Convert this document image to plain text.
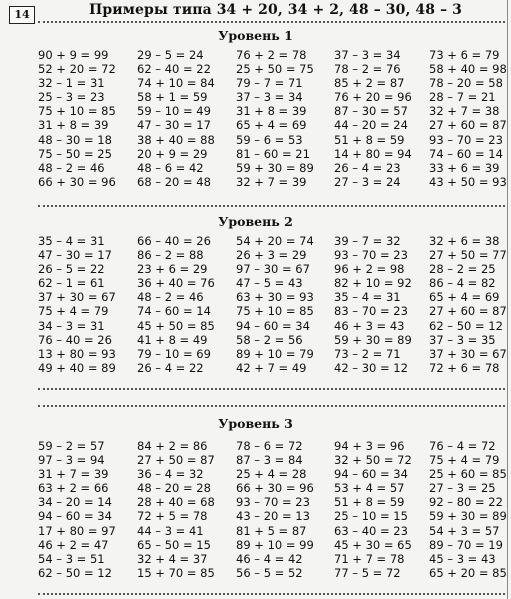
14	Примеры типа 34 + 20, 34 + 2, 48 – 30, 48 – 3
Уровень 1
90 + 9 = 99	29 – 5 = 24	76 + 2 = 78	37 – 3 = 34	73 + 6 = 79
52 + 20 = 72	62 – 40 = 22	25 + 50 = 75	78 – 2 = 76	58 + 40 = 98
32 – 1 = 31	74 + 10 = 84	79 – 7 = 71	85 + 2 = 87	78 – 20 = 58
25 – 3 = 23	58 + 1 = 59	37 – 3 = 34	76 + 20 = 96	28 – 7 = 21
75 + 10 = 85	59 – 10 = 49	31 + 8 = 39	87 – 30 = 57	32 + 7 = 38
31 + 8 = 39	47 – 30 = 17	65 + 4 = 69	44 – 20 = 24	27 + 60 = 87
48 – 30 = 18	38 + 40 = 88	59 – 6 = 53	51 + 8 = 59	93 – 70 = 23
75 – 50 = 25	20 + 9 = 29	81 – 60 = 21	14 + 80 = 94	74 – 60 = 14
48 – 2 = 46	48 – 6 = 42	59 + 30 = 89	26 – 4 = 23	33 + 6 = 39
66 + 30 = 96	68 – 20 = 48	32 + 7 = 39	27 – 3 = 24	43 + 50 = 93
Уровень 2
35 – 4 = 31	66 – 40 = 26	54 + 20 = 74	39 – 7 = 32	32 + 6 = 38
47 – 30 = 17	86 – 2 = 88	26 + 3 = 29	93 – 70 = 23	27 + 50 = 77
26 – 5 = 22	23 + 6 = 29	97 – 30 = 67	96 + 2 = 98	28 – 2 = 25
62 – 1 = 61	36 + 40 = 76	47 – 5 = 43	82 + 10 = 92	86 – 4 = 82
37 + 30 = 67	48 – 2 = 46	63 + 30 = 93	35 – 4 = 31	65 + 4 = 69
75 + 4 = 79	74 – 60 = 14	75 + 10 = 85	83 – 70 = 23	27 + 60 = 87
34 – 3 = 31	45 + 50 = 85	94 – 60 = 34	46 + 3 = 43	62 – 50 = 12
76 – 40 = 26	41 + 8 = 49	58 – 2 = 56	59 + 30 = 89	37 – 3 = 35
13 + 80 = 93	79 – 10 = 69	89 + 10 = 79	73 – 2 = 71	37 + 30 = 67
49 + 40 = 89	26 – 4 = 22	42 + 7 = 49	42 – 30 = 12	72 + 6 = 78
Уровень 3
59 – 2 = 57	84 + 2 = 86	78 – 6 = 72	94 + 3 = 96	76 – 4 = 72
97 – 3 = 94	27 + 50 = 87	87 – 3 = 84	32 + 50 = 72	75 + 4 = 79
31 + 7 = 39	36 – 4 = 32	25 + 4 = 28	94 – 60 = 34	25 + 60 = 85
63 + 2 = 66	48 – 20 = 28	66 + 30 = 96	53 + 4 = 57	27 – 3 = 25
34 – 20 = 14	28 + 40 = 68	93 – 70 = 23	51 + 8 = 59	92 – 80 = 22
94 – 60 = 34	72 + 5 = 78	43 – 20 = 13	25 – 10 = 15	59 + 30 = 89
17 + 80 = 97	44 – 3 = 41	81 + 5 = 87	63 – 40 = 23	54 + 3 = 57
46 + 2 = 47	65 – 50 = 15	89 + 10 = 99	45 + 30 = 65	89 – 70 = 19
54 – 3 = 51	32 + 4 = 37	46 – 4 = 42	71 + 7 = 78	45 – 3 = 43
62 – 50 = 12	15 + 70 = 85	56 – 5 = 52	77 – 5 = 72	65 + 20 = 85
